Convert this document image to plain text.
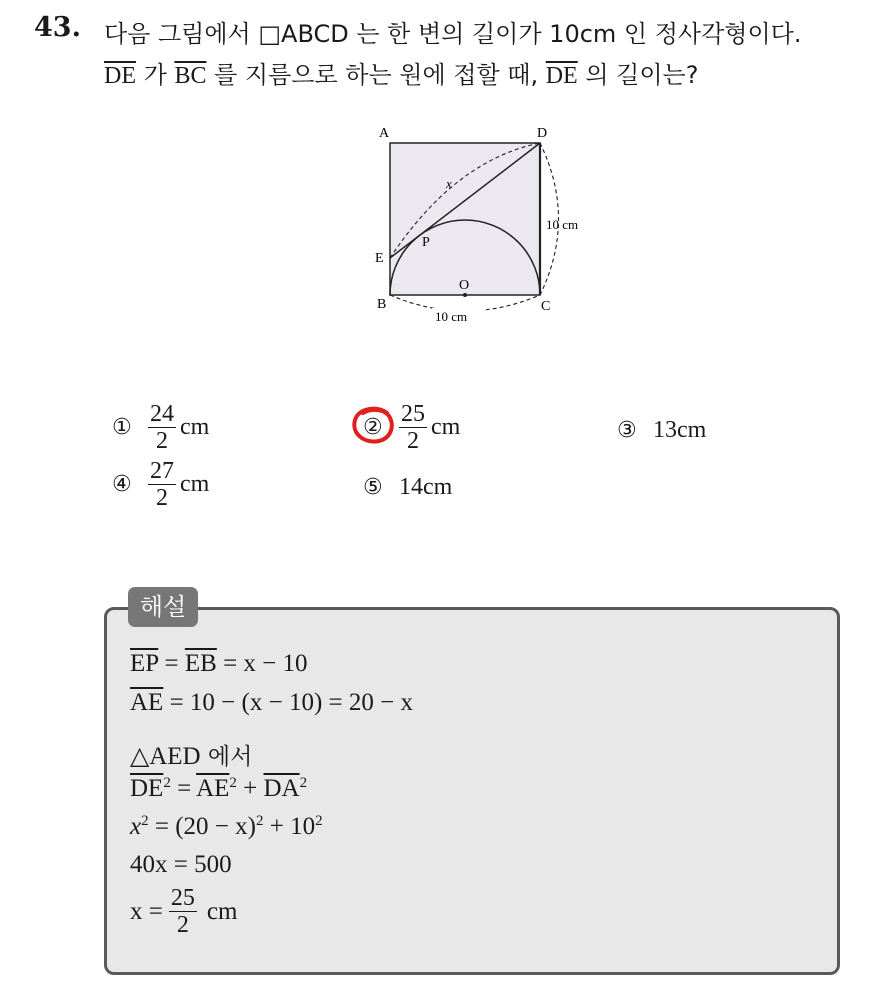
43. 다음 그림에서 □ABCD 는 한 변의 길이가 10cm 인 정사각형이다.
$\overline{DE}$ 가 $\overline{BC}$ 를 지름으로 하는 원에 접할 때, $\overline{DE}$ 의 길이는?
A	D
E
P
B
O
C
x
10 cm
10 cm
① $\frac{24}{2}$ cm	② $\frac{25}{2}$ cm	③ 13cm
④ $\frac{27}{2}$ cm	⑤ 14cm
해설
$\overline{EP} = \overline{EB} = x - 10$
$\overline{AE} = 10 - (x - 10) = 20 - x$
△AED 에서
$\overline{DE}^2 = \overline{AE}^2 + \overline{DA}^2$
$x^2 = (20 - x)^2 + 10^2$
40x = 500
$x = \frac{25}{2}$ cm
